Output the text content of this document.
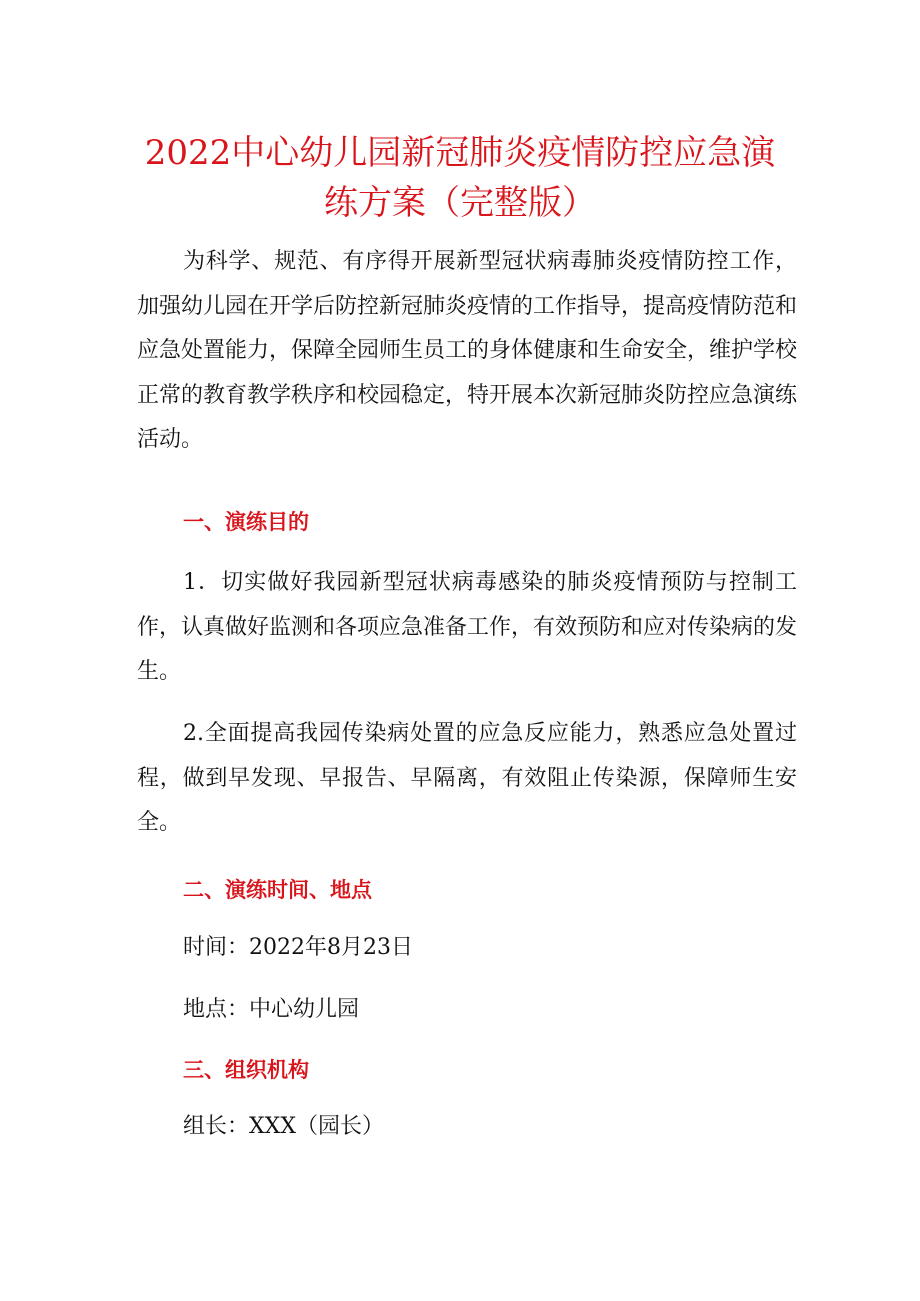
2022中心幼儿园新冠肺炎疫情防控应急演
练方案（完整版）

为科学、规范、有序得开展新型冠状病毒肺炎疫情防控工作，加强幼儿园在开学后防控新冠肺炎疫情的工作指导，提高疫情防范和应急处置能力，保障全园师生员工的身体健康和生命安全，维护学校正常的教育教学秩序和校园稳定，特开展本次新冠肺炎防控应急演练活动。

一、演练目的

1．切实做好我园新型冠状病毒感染的肺炎疫情预防与控制工作，认真做好监测和各项应急准备工作，有效预防和应对传染病的发生。

2.全面提高我园传染病处置的应急反应能力，熟悉应急处置过程，做到早发现、早报告、早隔离，有效阻止传染源，保障师生安全。

二、演练时间、地点

时间：2022年8月23日

地点：中心幼儿园

三、组织机构

组长：XXX（园长）
